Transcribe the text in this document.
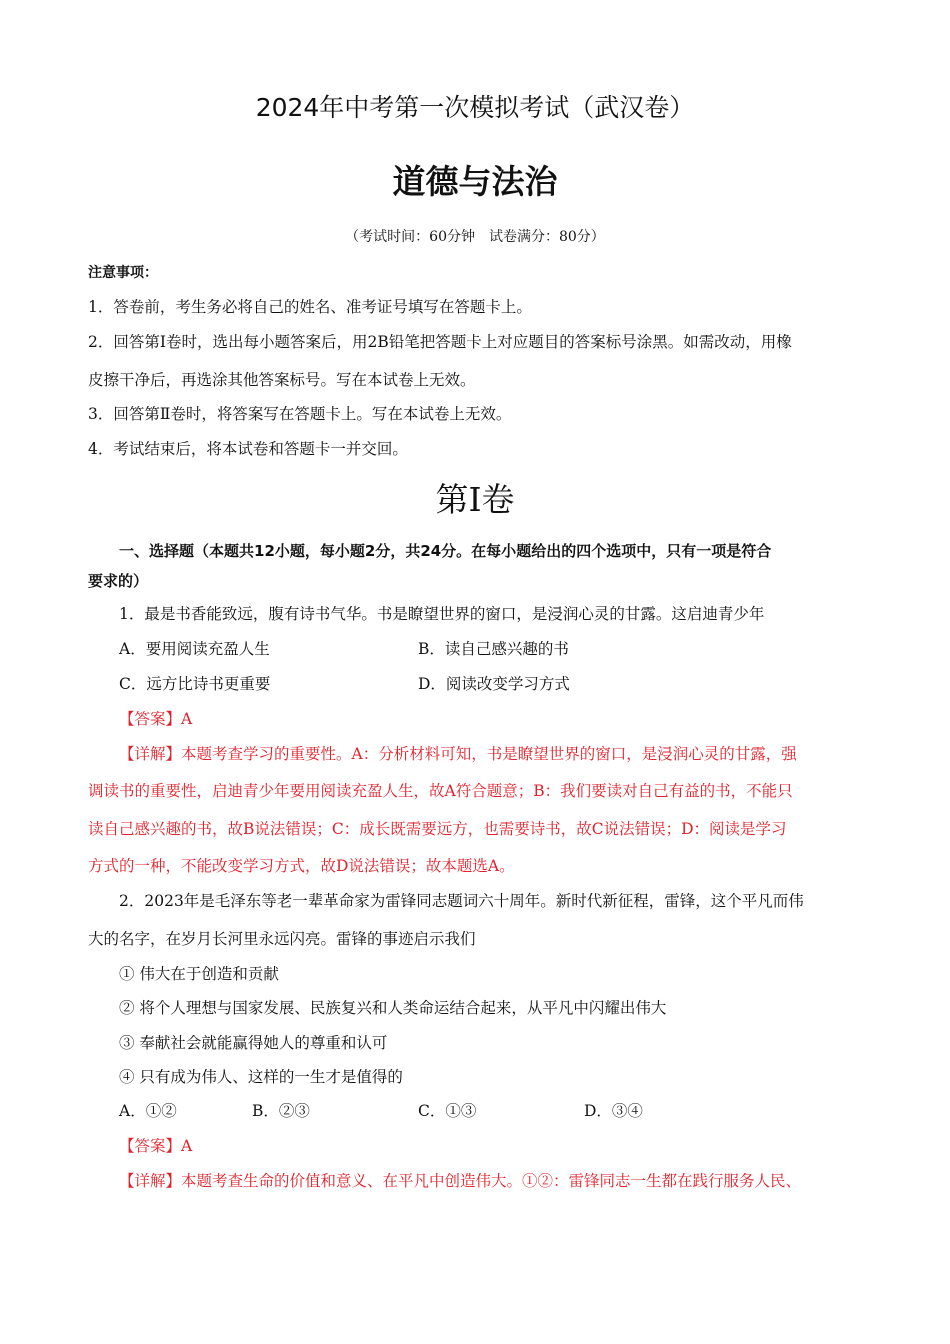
2024年中考第一次模拟考试（武汉卷）
道德与法治
（考试时间：60分钟　试卷满分：80分）
注意事项：
1．答卷前，考生务必将自己的姓名、准考证号填写在答题卡上。
2．回答第Ⅰ卷时，选出每小题答案后，用2B铅笔把答题卡上对应题目的答案标号涂黑。如需改动，用橡
皮擦干净后，再选涂其他答案标号。写在本试卷上无效。
3．回答第Ⅱ卷时，将答案写在答题卡上。写在本试卷上无效。
4．考试结束后，将本试卷和答题卡一并交回。
第Ⅰ卷
一、选择题（本题共12小题，每小题2分，共24分。在每小题给出的四个选项中，只有一项是符合
要求的）
1．最是书香能致远，腹有诗书气华。书是瞭望世界的窗口，是浸润心灵的甘露。这启迪青少年
A．要用阅读充盈人生	B．读自己感兴趣的书
C．远方比诗书更重要	D．阅读改变学习方式
【答案】A
【详解】本题考查学习的重要性。A：分析材料可知，书是瞭望世界的窗口，是浸润心灵的甘露，强
调读书的重要性，启迪青少年要用阅读充盈人生，故A符合题意；B：我们要读对自己有益的书，不能只
读自己感兴趣的书，故B说法错误；C：成长既需要远方，也需要诗书，故C说法错误；D：阅读是学习
方式的一种，不能改变学习方式，故D说法错误；故本题选A。
2．2023年是毛泽东等老一辈革命家为雷锋同志题词六十周年。新时代新征程，雷锋，这个平凡而伟
大的名字，在岁月长河里永远闪亮。雷锋的事迹启示我们
① 伟大在于创造和贡献
② 将个人理想与国家发展、民族复兴和人类命运结合起来，从平凡中闪耀出伟大
③ 奉献社会就能赢得她人的尊重和认可
④ 只有成为伟人、这样的一生才是值得的
A．①②	B．②③	C．①③	D．③④
【答案】A
【详解】本题考查生命的价值和意义、在平凡中创造伟大。①②：雷锋同志一生都在践行服务人民、
